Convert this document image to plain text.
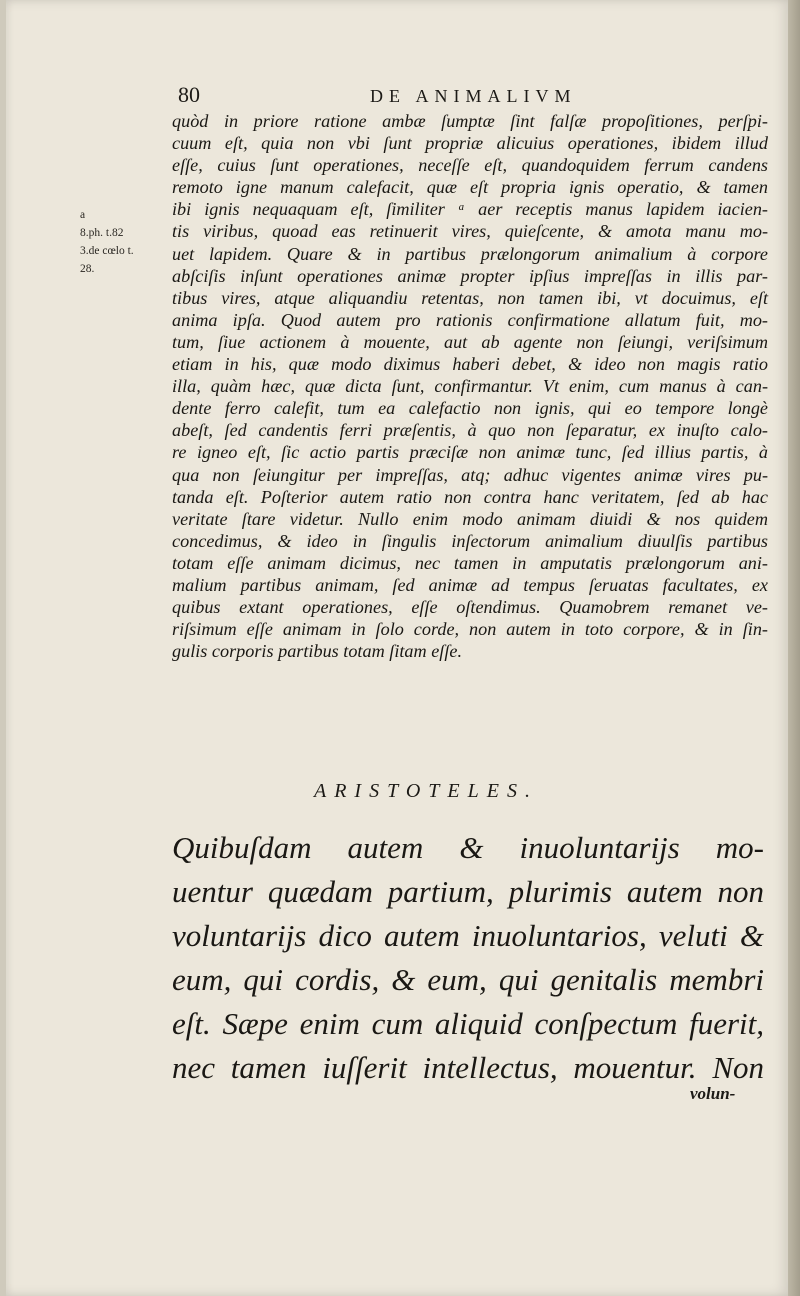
80	DE ANIMALIVM
a
8.ph. t.82
3.de cœlo t.
28.
quòd in priore ratione ambæ ſumptæ ſint falſæ propoſitiones, perſpi-
cuum eſt, quia non vbi ſunt propriæ alicuius operationes, ibidem illud
eſſe, cuius ſunt operationes, neceſſe eſt, quandoquidem ferrum candens
remoto igne manum calefacit, quæ eſt propria ignis operatio, & tamen
ibi ignis nequaquam eſt, ſimiliter ᵃ aer receptis manus lapidem iacien-
tis viribus, quoad eas retinuerit vires, quieſcente, & amota manu mo-
uet lapidem. Quare & in partibus prælongorum animalium à corpore
abſciſis inſunt operationes animæ propter ipſius impreſſas in illis par-
tibus vires, atque aliquandiu retentas, non tamen ibi, vt docuimus, eſt
anima ipſa. Quod autem pro rationis confirmatione allatum fuit, mo-
tum, ſiue actionem à mouente, aut ab agente non ſeiungi, veriſsimum
etiam in his, quæ modo diximus haberi debet, & ideo non magis ratio
illa, quàm hæc, quæ dicta ſunt, confirmantur. Vt enim, cum manus à can-
dente ferro calefit, tum ea calefactio non ignis, qui eo tempore longè
abeſt, ſed candentis ferri præſentis, à quo non ſeparatur, ex inuſto calo-
re igneo eſt, ſic actio partis præciſæ non animæ tunc, ſed illius partis, à
qua non ſeiungitur per impreſſas, atq; adhuc vigentes animæ vires pu-
tanda eſt. Poſterior autem ratio non contra hanc veritatem, ſed ab hac
veritate ſtare videtur. Nullo enim modo animam diuidi & nos quidem
concedimus, & ideo in ſingulis inſectorum animalium diuulſis partibus
totam eſſe animam dicimus, nec tamen in amputatis prælongorum ani-
malium partibus animam, ſed animæ ad tempus ſeruatas facultates, ex
quibus extant operationes, eſſe oſtendimus. Quamobrem remanet ve-
riſsimum eſſe animam in ſolo corde, non autem in toto corpore, & in ſin-
gulis corporis partibus totam ſitam eſſe.
ARISTOTELES.
Quibuſdam autem & inuoluntarijs mo-
uentur quædam partium, plurimis autem non
voluntarijs dico autem inuoluntarios, veluti &
eum, qui cordis, & eum, qui genitalis membri
eſt. Sæpe enim cum aliquid conſpectum fuerit,
nec tamen iuſſerit intellectus, mouentur. Non
volun-
